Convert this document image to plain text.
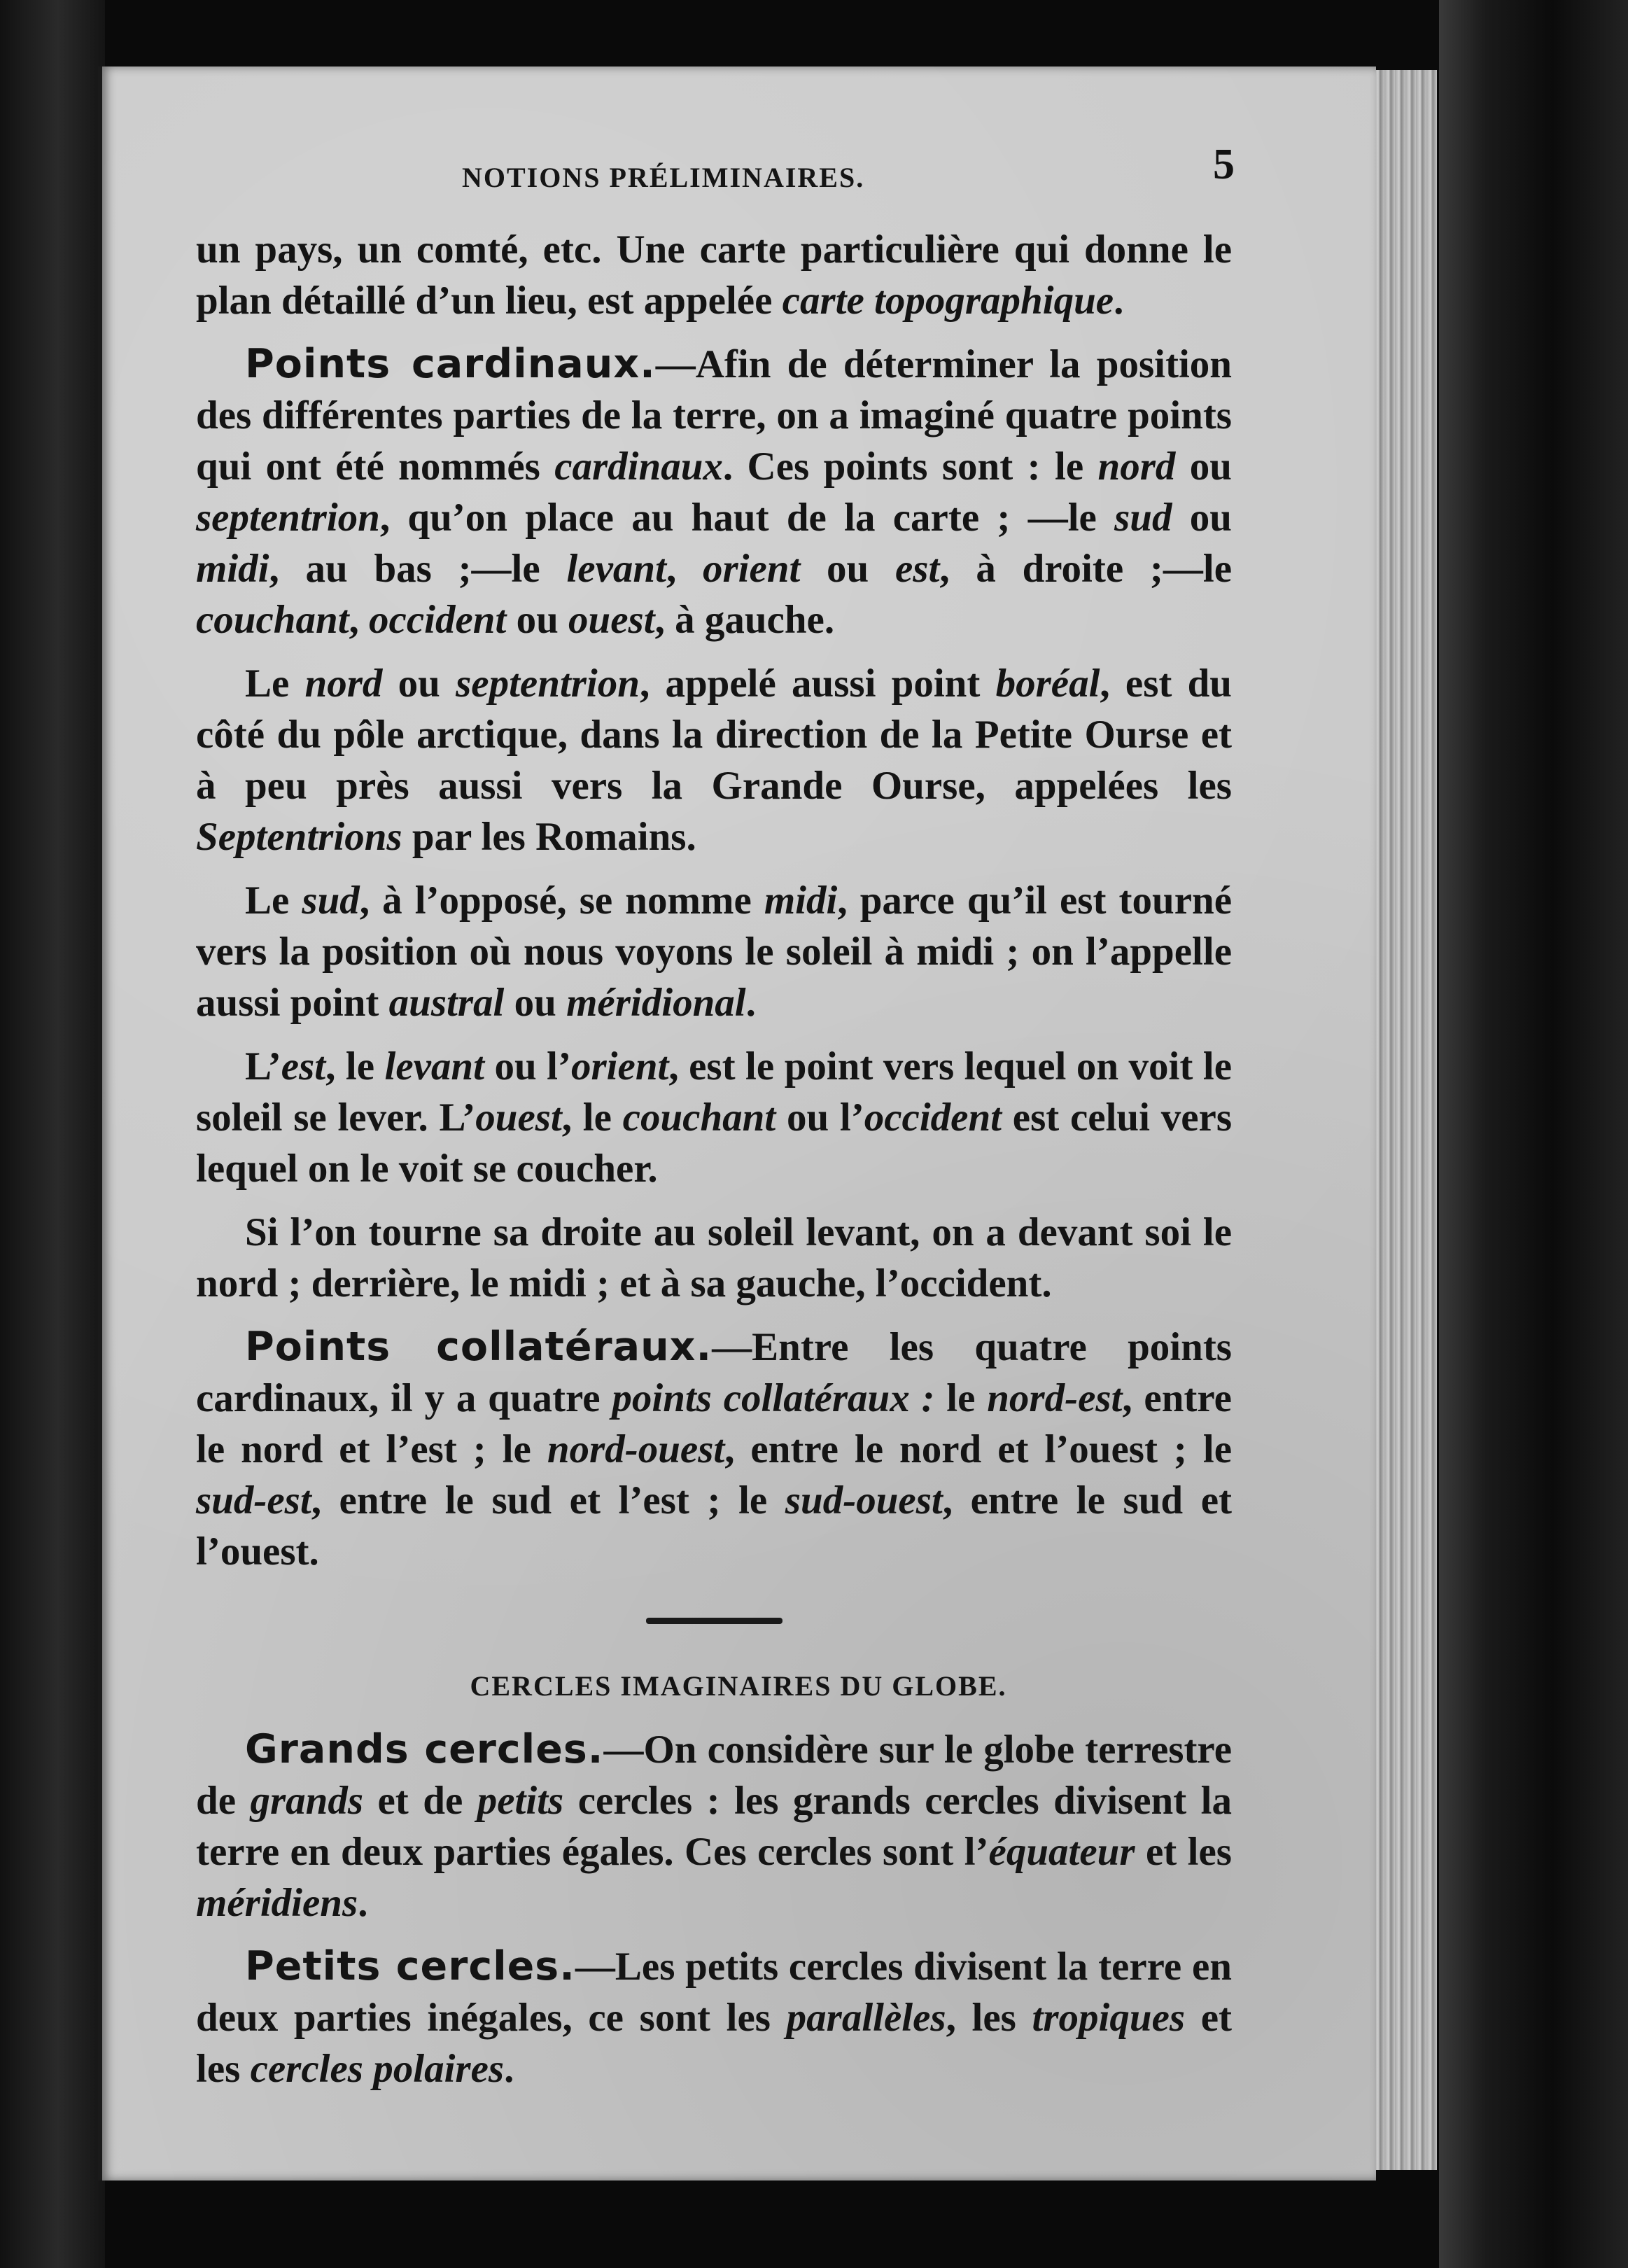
NOTIONS PRÉLIMINAIRES.	5

un pays, un comté, etc. Une carte particulière qui donne le plan détaillé d’un lieu, est appelée carte topographique.

Points cardinaux.—Afin de déterminer la position des différentes parties de la terre, on a imaginé quatre points qui ont été nommés cardinaux. Ces points sont : le nord ou septentrion, qu’on place au haut de la carte ; —le sud ou midi, au bas ;—le levant, orient ou est, à droite ;—le couchant, occident ou ouest, à gauche.

Le nord ou septentrion, appelé aussi point boréal, est du côté du pôle arctique, dans la direction de la Petite Ourse et à peu près aussi vers la Grande Ourse, appelées les Septentrions par les Romains.

Le sud, à l’opposé, se nomme midi, parce qu’il est tourné vers la position où nous voyons le soleil à midi ; on l’appelle aussi point austral ou méridional.

L’est, le levant ou l’orient, est le point vers lequel on voit le soleil se lever. L’ouest, le couchant ou l’occident est celui vers lequel on le voit se coucher.

Si l’on tourne sa droite au soleil levant, on a devant soi le nord ; derrière, le midi ; et à sa gauche, l’occident.

Points collatéraux.—Entre les quatre points cardinaux, il y a quatre points collatéraux : le nord-est, entre le nord et l’est ; le nord-ouest, entre le nord et l’ouest ; le sud-est, entre le sud et l’est ; le sud-ouest, entre le sud et l’ouest.

CERCLES IMAGINAIRES DU GLOBE.

Grands cercles.—On considère sur le globe terrestre de grands et de petits cercles : les grands cercles divisent la terre en deux parties égales. Ces cercles sont l’équateur et les méridiens.

Petits cercles.—Les petits cercles divisent la terre en deux parties inégales, ce sont les parallèles, les tropiques et les cercles polaires.
